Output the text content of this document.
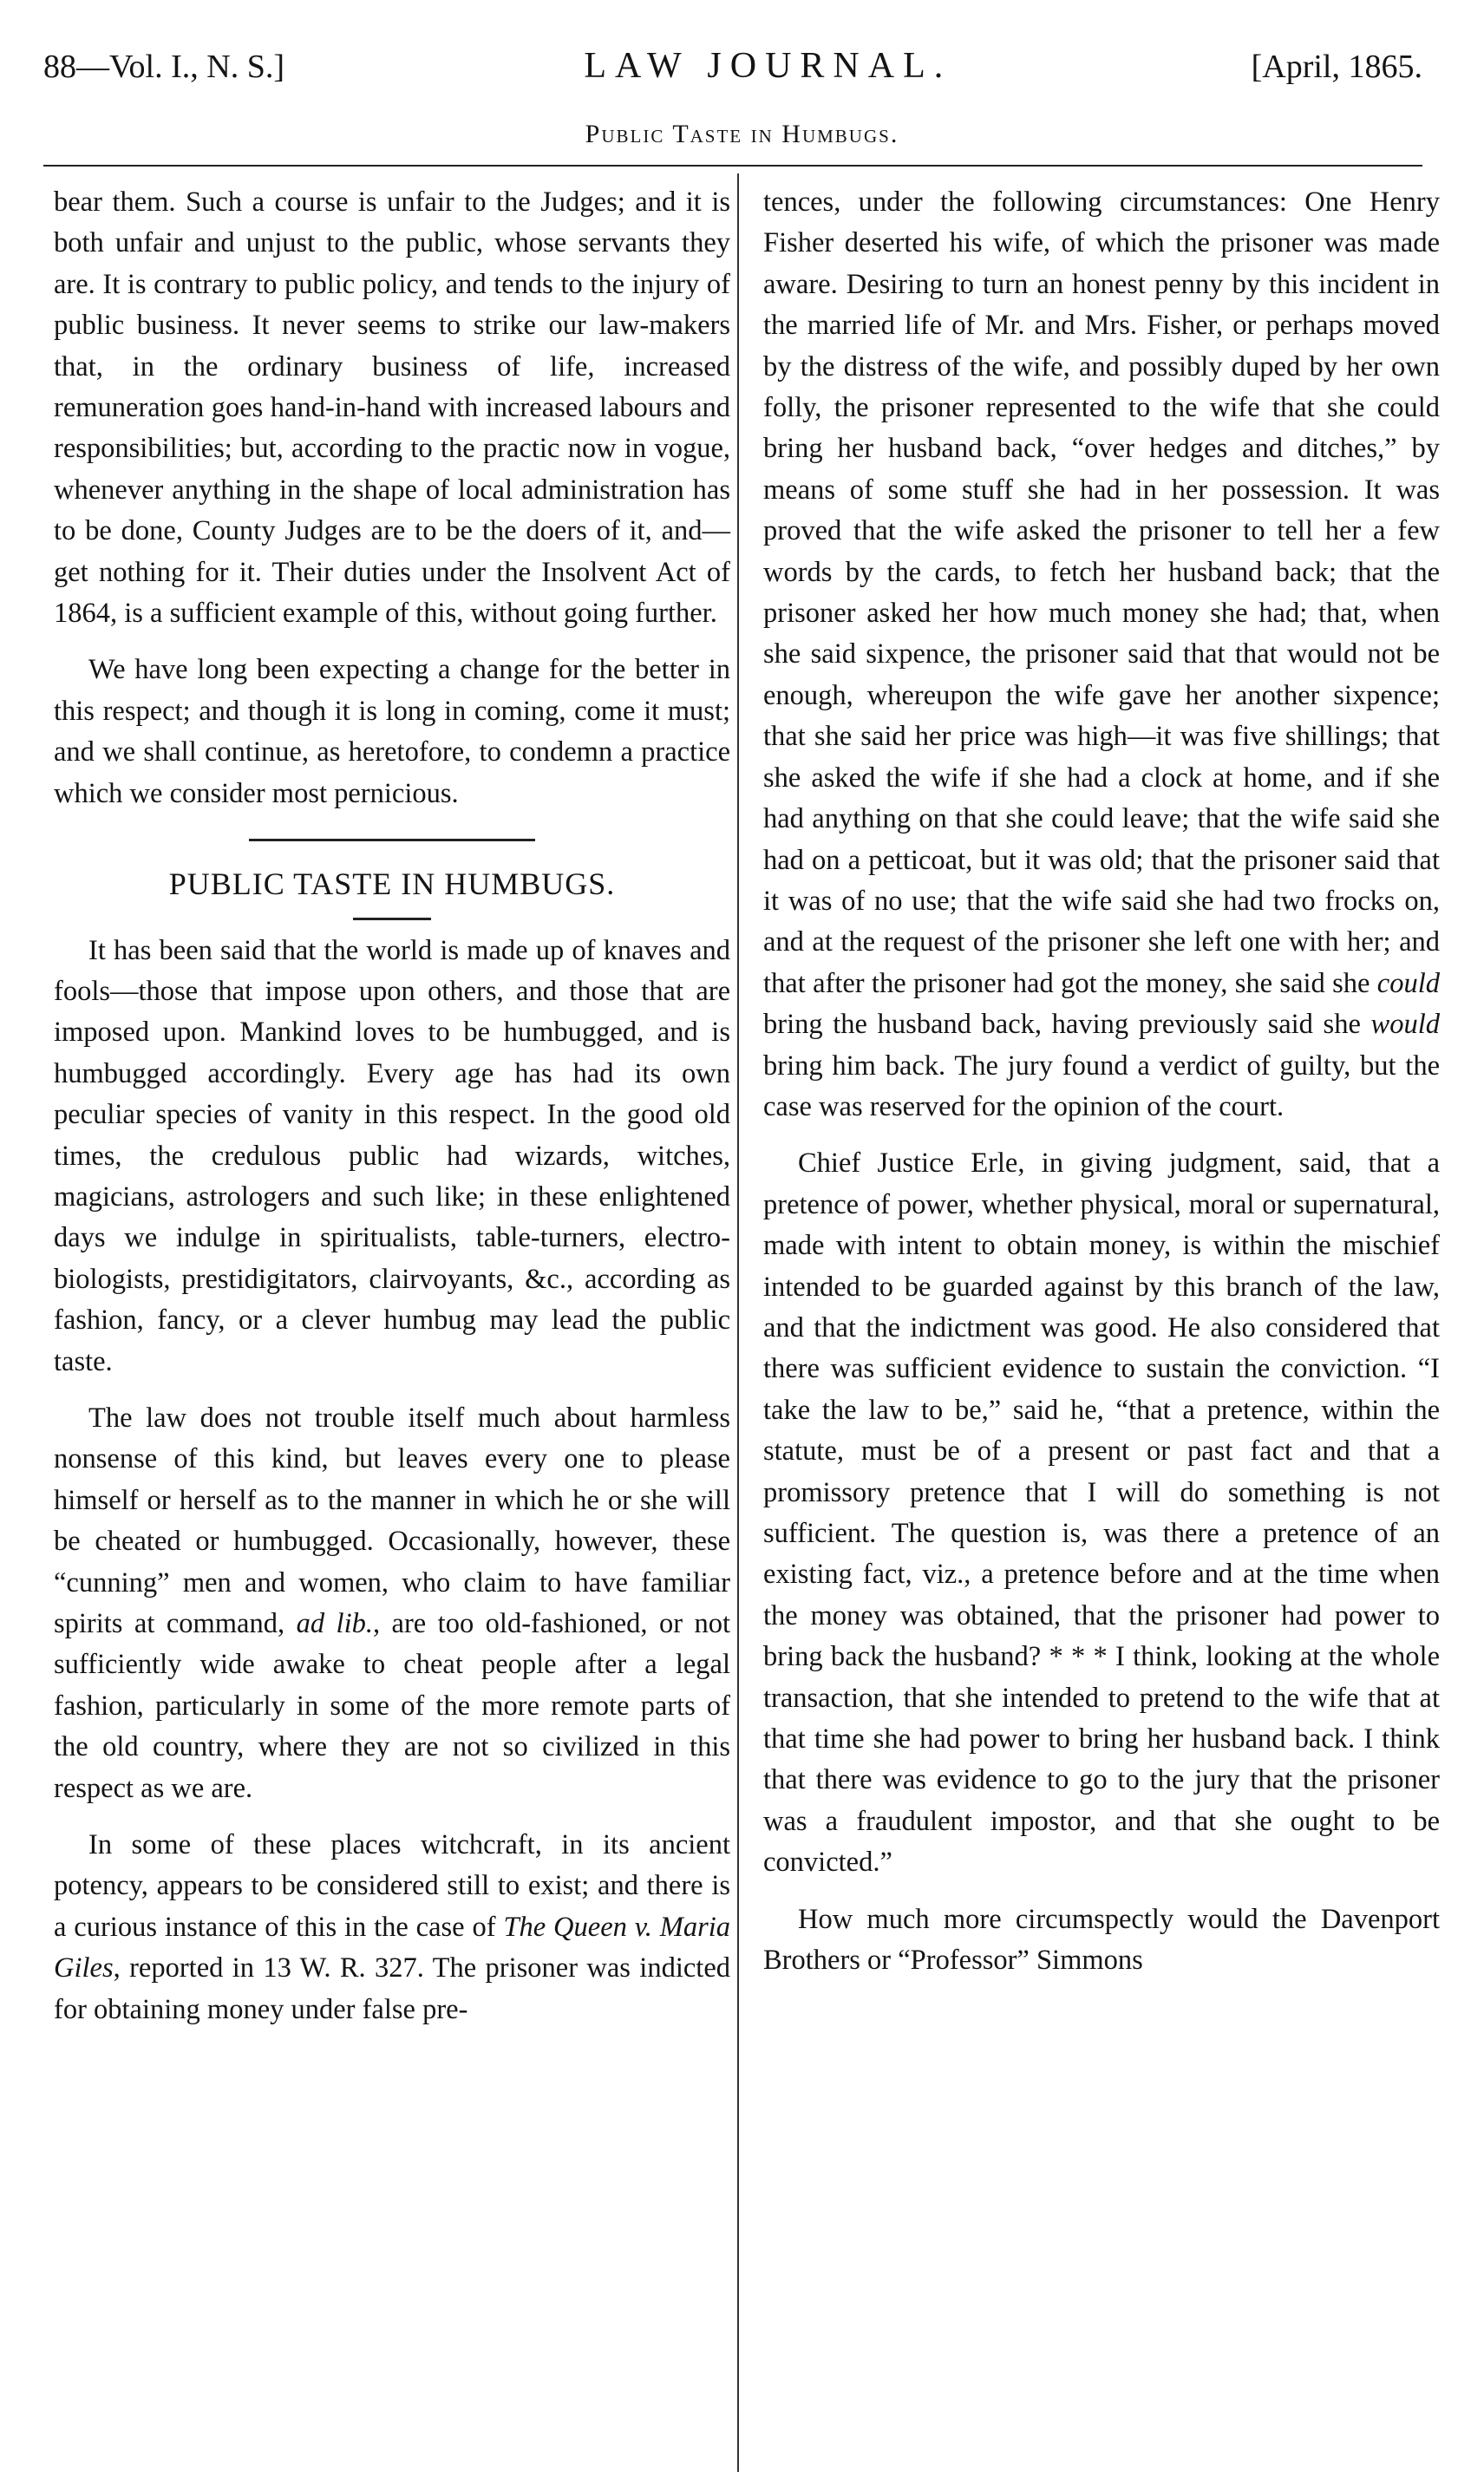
88—Vol. I., N. S.]	LAW JOURNAL.	[April, 1865.
Public Taste in Humbugs.

bear them. Such a course is unfair to the Judges; and it is both unfair and unjust to the public, whose servants they are. It is contrary to public policy, and tends to the injury of public business. It never seems to strike our law-makers that, in the ordinary business of life, increased remuneration goes hand-in-hand with increased labours and responsibilities; but, according to the practic now in vogue, whenever anything in the shape of local administration has to be done, County Judges are to be the doers of it, and—get nothing for it. Their duties under the Insolvent Act of 1864, is a sufficient example of this, without going further.

We have long been expecting a change for the better in this respect; and though it is long in coming, come it must; and we shall continue, as heretofore, to condemn a practice which we consider most pernicious.

PUBLIC TASTE IN HUMBUGS.

It has been said that the world is made up of knaves and fools—those that impose upon others, and those that are imposed upon. Mankind loves to be humbugged, and is humbugged accordingly. Every age has had its own peculiar species of vanity in this respect. In the good old times, the credulous public had wizards, witches, magicians, astrologers and such like; in these enlightened days we indulge in spiritualists, table-turners, electro-biologists, prestidigitators, clairvoyants, &c., according as fashion, fancy, or a clever humbug may lead the public taste.

The law does not trouble itself much about harmless nonsense of this kind, but leaves every one to please himself or herself as to the manner in which he or she will be cheated or humbugged. Occasionally, however, these “cunning” men and women, who claim to have familiar spirits at command, ad lib., are too old-fashioned, or not sufficiently wide awake to cheat people after a legal fashion, particularly in some of the more remote parts of the old country, where they are not so civilized in this respect as we are.

In some of these places witchcraft, in its ancient potency, appears to be considered still to exist; and there is a curious instance of this in the case of The Queen v. Maria Giles, reported in 13 W. R. 327. The prisoner was indicted for obtaining money under false pre-

tences, under the following circumstances: One Henry Fisher deserted his wife, of which the prisoner was made aware. Desiring to turn an honest penny by this incident in the married life of Mr. and Mrs. Fisher, or perhaps moved by the distress of the wife, and possibly duped by her own folly, the prisoner represented to the wife that she could bring her husband back, “over hedges and ditches,” by means of some stuff she had in her possession. It was proved that the wife asked the prisoner to tell her a few words by the cards, to fetch her husband back; that the prisoner asked her how much money she had; that, when she said sixpence, the prisoner said that that would not be enough, whereupon the wife gave her another sixpence; that she said her price was high—it was five shillings; that she asked the wife if she had a clock at home, and if she had anything on that she could leave; that the wife said she had on a petticoat, but it was old; that the prisoner said that it was of no use; that the wife said she had two frocks on, and at the request of the prisoner she left one with her; and that after the prisoner had got the money, she said she could bring the husband back, having previously said she would bring him back. The jury found a verdict of guilty, but the case was reserved for the opinion of the court.

Chief Justice Erle, in giving judgment, said, that a pretence of power, whether physical, moral or supernatural, made with intent to obtain money, is within the mischief intended to be guarded against by this branch of the law, and that the indictment was good. He also considered that there was sufficient evidence to sustain the conviction. “I take the law to be,” said he, “that a pretence, within the statute, must be of a present or past fact and that a promissory pretence that I will do something is not sufficient. The question is, was there a pretence of an existing fact, viz., a pretence before and at the time when the money was obtained, that the prisoner had power to bring back the husband? * * * I think, looking at the whole transaction, that she intended to pretend to the wife that at that time she had power to bring her husband back. I think that there was evidence to go to the jury that the prisoner was a fraudulent impostor, and that she ought to be convicted.”

How much more circumspectly would the Davenport Brothers or “Professor” Simmons
